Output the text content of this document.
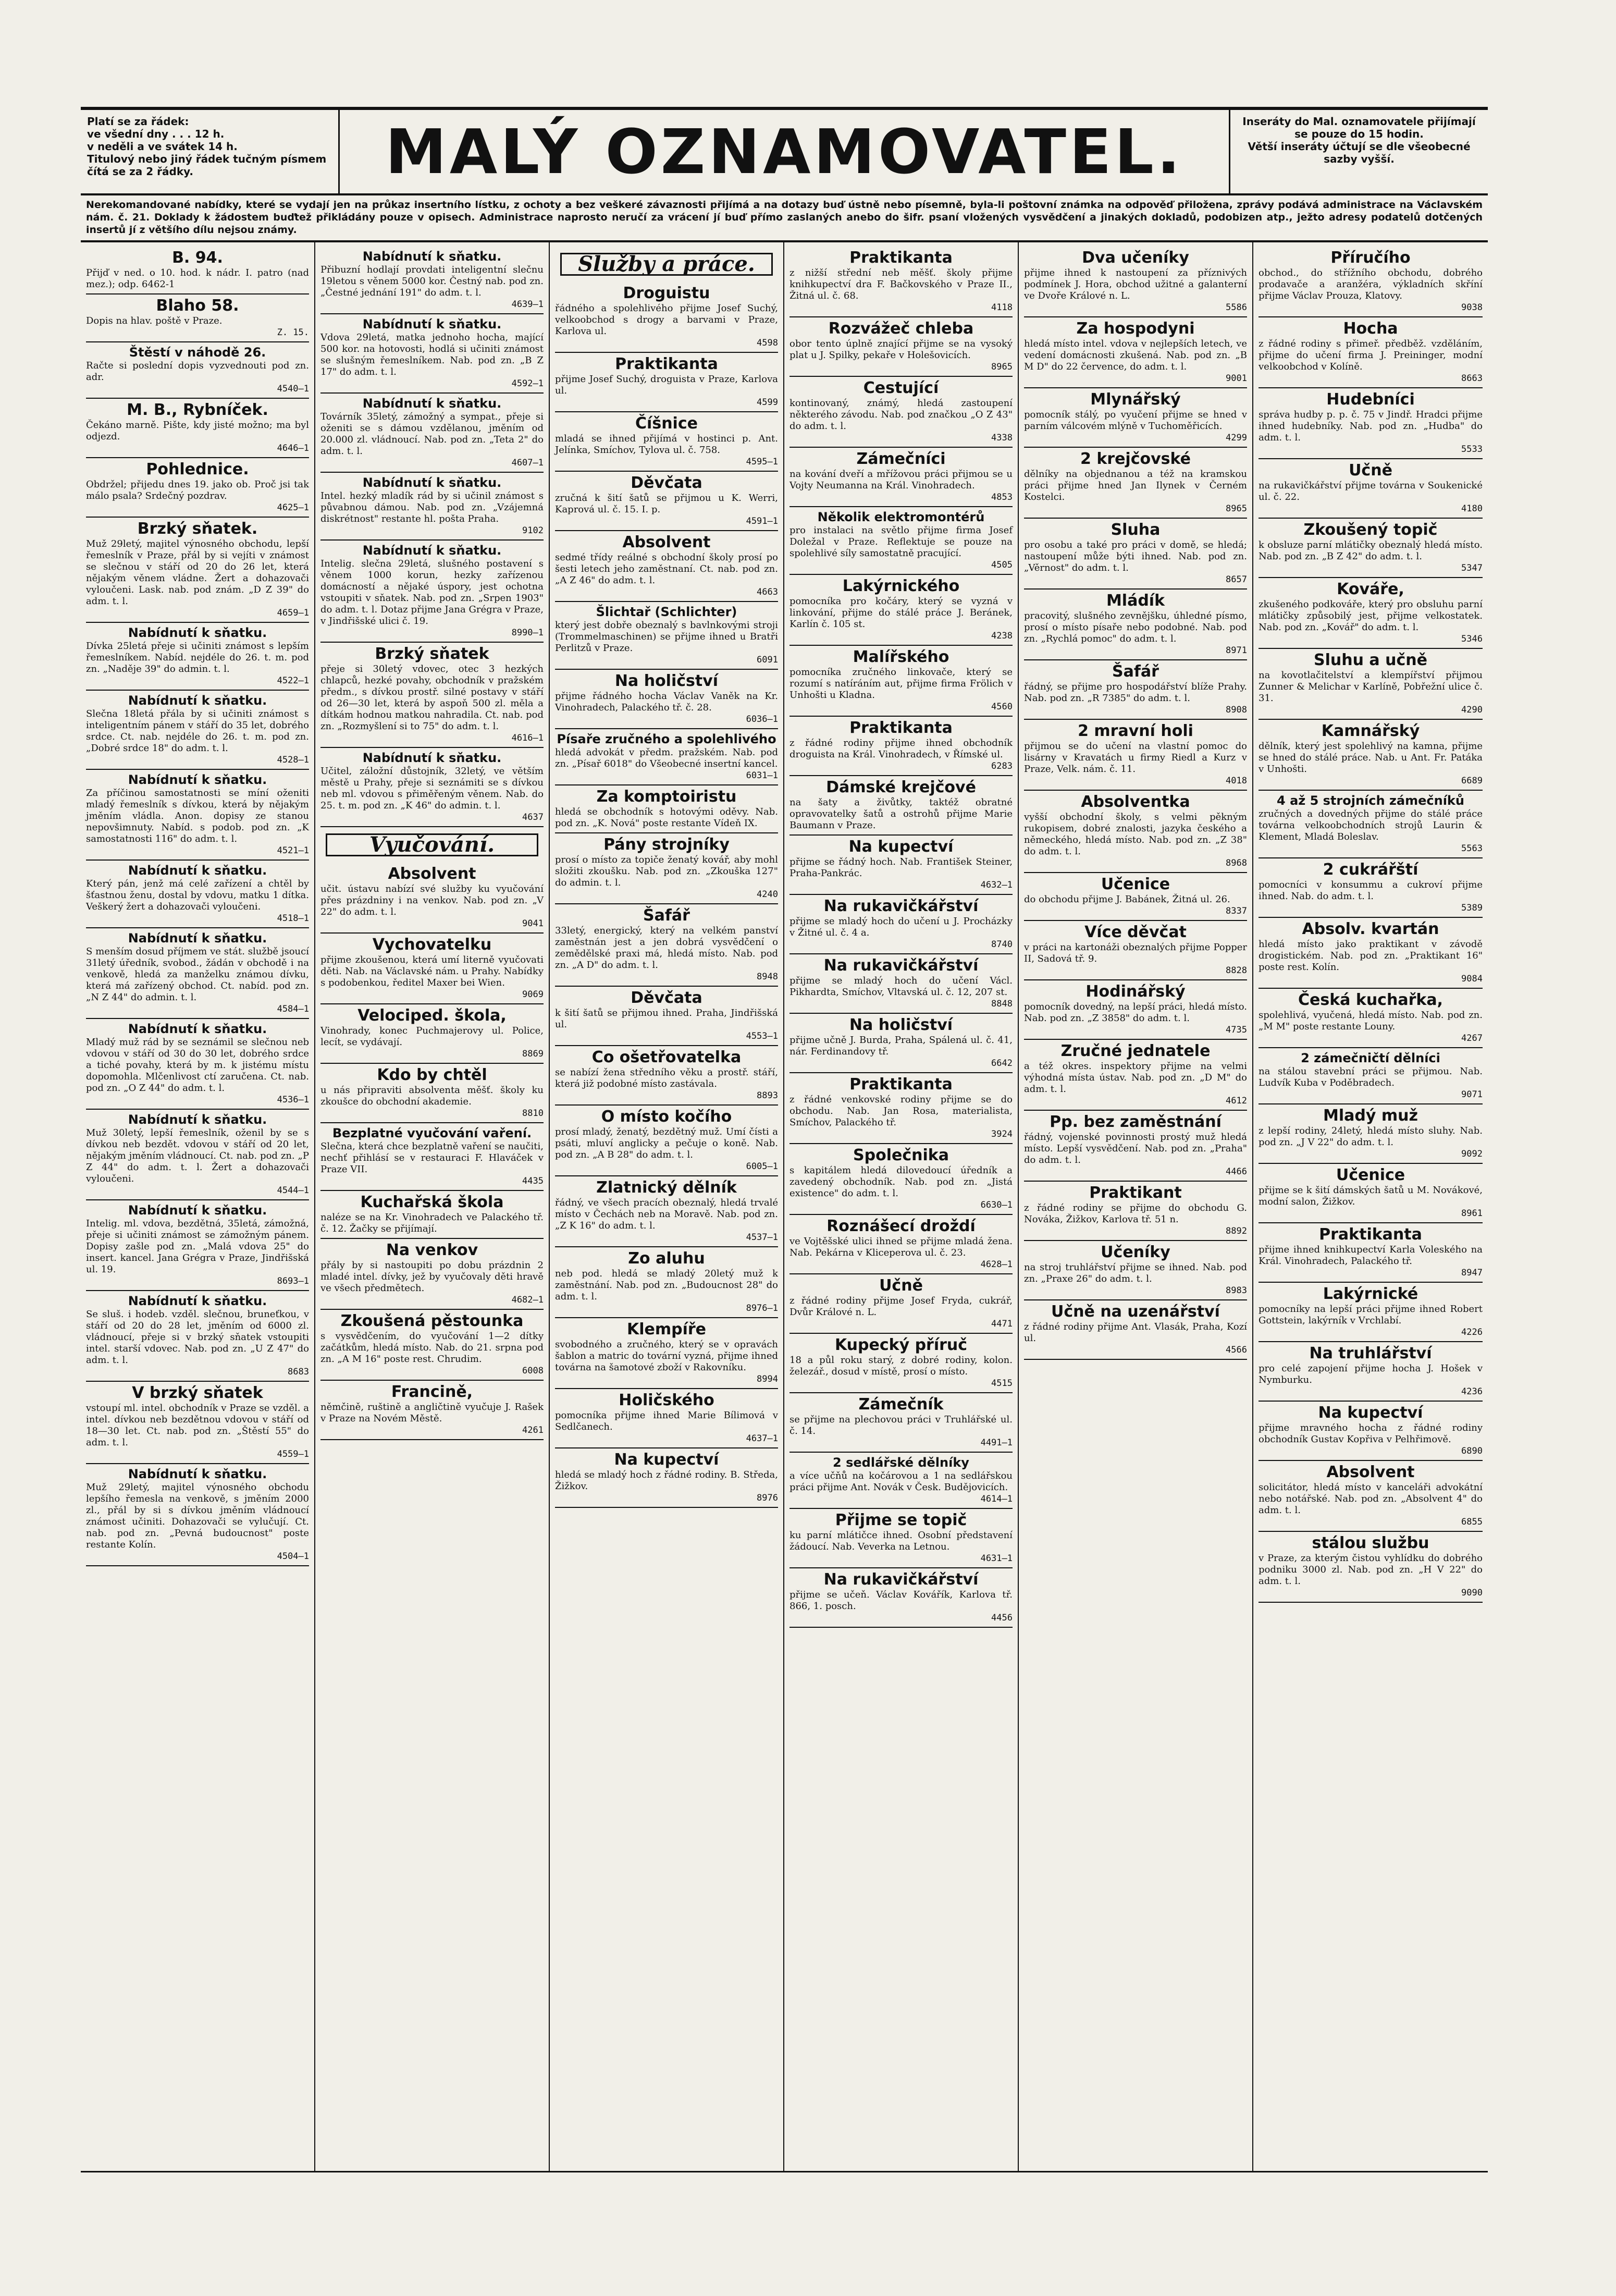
Platí se za řádek:
ve všední dny . . . 12 h.
v neděli a ve svátek 14 h.
Titulový nebo jiný řádek tučným písmem čítá se za 2 řádky.	MALÝ OZNAMOVATEL.	Inseráty do Mal. oznamovatele přijímají se pouze do 15 hodin.
Větší inseráty účtují se dle všeobecné sazby vyšší.
Nerekomandované nabídky, které se vydají jen na průkaz insertního lístku, z ochoty a bez veškeré závaznosti přijímá a na dotazy buď ústně nebo písemně, byla-li poštovní známka na odpověď přiložena, zprávy podává administrace na Václavském nám. č. 21. Doklady k žádostem buďtež přikládány pouze v opisech. Administrace naprosto neručí za vrácení jí buď přímo zaslaných anebo do šifr. psaní vložených vysvědčení a jinakých dokladů, podobizen atp., ježto adresy podatelů dotčených insertů jí z většího dílu nejsou známy.
B. 94.
Přijď v ned. o 10. hod. k nádr. I. patro (nad mez.); odp. 6462-1
Blaho 58.
Dopis na hlav. poště v Praze.
Z. 15.
Štěstí v náhodě 26.
Račte si poslední dopis vyzvednouti pod zn. adr.
4540—1
M. B., Rybníček.
Čekáno marně. Pište, kdy jisté možno; ma byl odjezd.
4646—1
Pohlednice.
Obdržel; přijedu dnes 19. jako ob. Proč jsi tak málo psala? Srdečný pozdrav.
4625—1
Brzký sňatek.
Muž 29letý, majitel výnosného obchodu, lepší řemeslník v Praze, přál by si vejíti v známost se slečnou v stáří od 20 do 26 let, která nějakým věnem vládne. Žert a dohazovači vyloučeni. Lask. nab. pod znám. „D Z 39" do adm. t. l.
4659—1
Nabídnutí k sňatku.
Dívka 25letá přeje si učiniti známost s lepším řemeslníkem. Nabíd. nejdéle do 26. t. m. pod zn. „Naděje 39" do admin. t. l.
4522—1
Nabídnutí k sňatku.
Slečna 18letá přála by si učiniti známost s inteligentním pánem v stáří do 35 let, dobrého srdce. Ct. nab. nejdéle do 26. t. m. pod zn. „Dobré srdce 18" do adm. t. l.
4528—1
Nabídnutí k sňatku.
Za příčinou samostatnosti se míní oženiti mladý řemeslník s dívkou, která by nějakým jměním vládla. Anon. dopisy ze stanou nepovšimnuty. Nabíd. s podob. pod zn. „K samostatnosti 116" do adm. t. l.
4521—1
Nabídnutí k sňatku.
Který pán, jenž má celé zařízení a chtěl by šťastnou ženu, dostal by vdovu, matku 1 dítka. Veškerý žert a dohazovači vyloučeni.
4518—1
Nabídnutí k sňatku.
S menším dosud příjmem ve stát. službě jsoucí 31letý úředník, svobod., žádán v obchodě i na venkově, hledá za manželku známou dívku, která má zařízený obchod. Ct. nabíd. pod zn. „N Z 44" do admin. t. l.
4584—1
Nabídnutí k sňatku.
Mladý muž rád by se seznámil se slečnou neb vdovou v stáří od 30 do 30 let, dobrého srdce a tiché povahy, která by m. k jistému místu dopomohla. Mlčenlivost ctí zaručena. Ct. nab. pod zn. „O Z 44" do adm. t. l.
4536—1
Nabídnutí k sňatku.
Muž 30letý, lepší řemeslník, oženil by se s dívkou neb bezdět. vdovou v stáří od 20 let, nějakým jměním vládnoucí. Ct. nab. pod zn. „P Z 44" do adm. t. l. Žert a dohazovači vyloučeni.
4544—1
Nabídnutí k sňatku.
Intelig. ml. vdova, bezdětná, 35letá, zámožná, přeje si učiniti známost se zámožným pánem. Dopisy zašle pod zn. „Malá vdova 25" do insert. kancel. Jana Grégra v Praze, Jindřišská ul. 19.
8693—1
Nabídnutí k sňatku.
Se sluš. i hodeb. vzděl. slečnou, bruneťkou, v stáří od 20 do 28 let, jměním od 6000 zl. vládnoucí, přeje si v brzký sňatek vstoupiti intel. starší vdovec. Nab. pod zn. „U Z 47" do adm. t. l.
8683
V brzký sňatek
vstoupí ml. intel. obchodník v Praze se vzděl. a intel. dívkou neb bezdětnou vdovou v stáří od 18—30 let. Ct. nab. pod zn. „Štěstí 55" do adm. t. l.
4559—1
Nabídnutí k sňatku.
Muž 29letý, majitel výnosného obchodu lepšího řemesla na venkově, s jměním 2000 zl., přál by si s dívkou jměním vládnoucí známost učiniti. Dohazovači se vylučují. Ct. nab. pod zn. „Pevná budoucnost" poste restante Kolín.
4504—1
Nabídnutí k sňatku.
Přibuzní hodlají provdati inteligentní slečnu 19letou s věnem 5000 kor. Čestný nab. pod zn. „Čestné jednání 191" do adm. t. l.
4639—1
Nabídnutí k sňatku.
Vdova 29letá, matka jednoho hocha, mající 500 kor. na hotovosti, hodlá si učiniti známost se slušným řemeslníkem. Nab. pod zn. „B Z 17" do adm. t. l.
4592—1
Nabídnutí k sňatku.
Továrník 35letý, zámožný a sympat., přeje si oženiti se s dámou vzdělanou, jměním od 20.000 zl. vládnoucí. Nab. pod zn. „Teta 2" do adm. t. l.
4607—1
Nabídnutí k sňatku.
Intel. hezký mladík rád by si učinil známost s půvabnou dámou. Nab. pod zn. „Vzájemná diskrétnost" restante hl. pošta Praha.
9102
Nabídnutí k sňatku.
Intelig. slečna 29letá, slušného postavení s věnem 1000 korun, hezky zařízenou domácností a nějaké úspory, jest ochotna vstoupiti v sňatek. Nab. pod zn. „Srpen 1903" do adm. t. l. Dotaz přijme Jana Grégra v Praze, v Jindřišské ulici č. 19.
8990—1
Brzký sňatek
přeje si 30letý vdovec, otec 3 hezkých chlapců, hezké povahy, obchodník v pražském předm., s dívkou prostř. silné postavy v stáří od 26—30 let, která by aspoň 500 zl. měla a dítkám hodnou matkou nahradila. Ct. nab. pod zn. „Rozmyšlení si to 75" do adm. t. l.
4616—1
Nabídnutí k sňatku.
Učitel, záložní důstojník, 32letý, ve větším městě u Prahy, přeje si seznámiti se s dívkou neb ml. vdovou s přiměřeným věnem. Nab. do 25. t. m. pod zn. „K 46" do admin. t. l.
4637
Vyučování.
Absolvent
učit. ústavu nabízí své služby ku vyučování přes prázdniny i na venkov. Nab. pod zn. „V 22" do adm. t. l.
9041
Vychovatelku
přijme zkoušenou, která umí literně vyučovati děti. Nab. na Václavské nám. u Prahy. Nabídky s podobenkou, ředitel Maxer bei Wien.
9069
Velociped. škola,
Vinohrady, konec Puchmajerovy ul. Police, lecít, se vydávají.
8869
Kdo by chtěl
u nás připraviti absolventa měšť. školy ku zkoušce do obchodní akademie.
8810
Bezplatné vyučování vaření.
Slečna, která chce bezplatně vaření se naučiti, nechť přihlásí se v restauraci F. Hlaváček v Praze VII.
4435
Kuchařská škola
naléze se na Kr. Vinohradech ve Palackého tř. č. 12. Žačky se přijímají.
Na venkov
přály by si nastoupiti po dobu prázdnin 2 mladé intel. dívky, jež by vyučovaly děti hravě ve všech předmětech.
4682—1
Zkoušená pěstounka
s vysvědčením, do vyučování 1—2 dítky začátkům, hledá místo. Nab. do 21. srpna pod zn. „A M 16" poste rest. Chrudim.
6008
Francině,
němčině, ruštině a angličtině vyučuje J. Rašek v Praze na Novém Městě.
4261
Služby a práce.
Droguistu
řádného a spolehlivého přijme Josef Suchý, velkoobchod s drogy a barvami v Praze, Karlova ul.
4598
Praktikanta
přijme Josef Suchý, droguista v Praze, Karlova ul.
4599
Číšnice
mladá se ihned přijímá v hostinci p. Ant. Jelínka, Smíchov, Tylova ul. č. 758.
4595—1
Děvčata
zručná k šití šatů se přijmou u K. Werri, Kaprová ul. č. 15. I. p.
4591—1
Absolvent
sedmé třídy reálné s obchodní školy prosí po šesti letech jeho zaměstnaní. Ct. nab. pod zn. „A Z 46" do adm. t. l.
4663
Šlichtař (Schlichter)
který jest dobře obeznalý s bavlnkovými stroji (Trommelmaschinen) se přijme ihned u Bratři Perlitzů v Praze.
6091
Na holičství
přijme řádného hocha Václav Vaněk na Kr. Vinohradech, Palackého tř. č. 28.
6036—1
Písaře zručného a spolehlivého
hledá advokát v předm. pražském. Nab. pod zn. „Písař 6018" do Všeobecné insertní kancel.
6031—1
Za komptoiristu
hledá se obchodník s hotovými oděvy. Nab. pod zn. „K. Nová" poste restante Vídeň IX.
Pány strojníky
prosí o místo za topiče ženatý kovář, aby mohl složiti zkoušku. Nab. pod zn. „Zkouška 127" do admin. t. l.
4240
Šafář
33letý, energický, který na velkém panství zaměstnán jest a jen dobrá vysvědčení o zemědělské praxi má, hledá místo. Nab. pod zn. „A D" do adm. t. l.
8948
Děvčata
k šití šatů se přijmou ihned. Praha, Jindřišská ul.
4553—1
Co ošetřovatelka
se nabízí žena středního věku a prostř. stáří, která již podobné místo zastávala.
8893
O místo kočího
prosí mladý, ženatý, bezdětný muž. Umí čísti a psáti, mluví anglicky a pečuje o koně. Nab. pod zn. „A B 28" do adm. t. l.
6005—1
Zlatnický dělník
řádný, ve všech pracích obeznalý, hledá trvalé místo v Čechách neb na Moravě. Nab. pod zn. „Z K 16" do adm. t. l.
4537—1
Zo aluhu
neb pod. hledá se mladý 20letý muž k zaměstnání. Nab. pod zn. „Budoucnost 28" do adm. t. l.
8976—1
Klempíře
svobodného a zručného, který se v opravách šablon a matric do tovární vyzná, přijme ihned továrna na šamotové zboží v Rakovníku.
8994
Holičského
pomocníka přijme ihned Marie Bílimová v Sedlčanech.
4637—1
Na kupectví
hledá se mladý hoch z řádné rodiny. B. Středa, Žižkov.
8976
Praktikanta
z nižší střední neb měšť. školy přijme knihkupectví dra F. Bačkovského v Praze II., Žitná ul. č. 68.
4118
Rozvážeč chleba
obor tento úplně znající přijme se na vysoký plat u J. Spilky, pekaře v Holešovicích.
8965
Cestující
kontinovaný, známý, hledá zastoupení některého závodu. Nab. pod značkou „O Z 43" do adm. t. l.
4338
Zámečníci
na kování dveří a mřížovou práci přijmou se u Vojty Neumanna na Král. Vinohradech.
4853
Několik elektromontérů
pro instalaci na světlo přijme firma Josef Doležal v Praze. Reflektuje se pouze na spolehlivé síly samostatně pracující.
4505
Lakýrnického
pomocníka pro kočáry, který se vyzná v linkování, přijme do stálé práce J. Beránek, Karlín č. 105 st.
4238
Malířského
pomocníka zručného linkovače, který se rozumí s natíráním aut, přijme firma Frölich v Unhošti u Kladna.
4560
Praktikanta
z řádné rodiny přijme ihned obchodník droguista na Král. Vinohradech, v Římské ul.
6283
Dámské krejčové
na šaty a živůtky, taktéž obratné opravovatelky šatů a ostrohů přijme Marie Baumann v Praze.
Na kupectví
přijme se řádný hoch. Nab. František Steiner, Praha-Pankrác.
4632—1
Na rukavičkářství
přijme se mladý hoch do učení u J. Procházky v Žitné ul. č. 4 a.
8740
Na rukavičkářství
přijme se mladý hoch do učení Václ. Pikhardta, Smíchov, Vltavská ul. č. 12, 207 st.
8848
Na holičství
přijme učně J. Burda, Praha, Spálená ul. č. 41, nár. Ferdinandovy tř.
6642
Praktikanta
z řádné venkovské rodiny přijme se do obchodu. Nab. Jan Rosa, materialista, Smíchov, Palackého tř.
3924
Společnika
s kapitálem hledá dilovedoucí úředník a zavedený obchodník. Nab. pod zn. „Jistá existence" do adm. t. l.
6630—1
Roznášecí droždí
ve Vojtěšské ulici ihned se přijme mladá žena. Nab. Pekárna v Kliceperova ul. č. 23.
4628—1
Učně
z řádné rodiny přijme Josef Fryda, cukrář, Dvůr Králové n. L.
4471
Kupecký příruč
18 a půl roku starý, z dobré rodiny, kolon. železář., dosud v místě, prosí o místo.
4515
Zámečník
se přijme na plechovou práci v Truhlářské ul. č. 14.
4491—1
2 sedlářské dělníky
a více učňů na kočárovou a 1 na sedlářskou práci přijme Ant. Novák v Česk. Budějovicích.
4614—1
Přijme se topič
ku parní mlátičce ihned. Osobní představení žádoucí. Nab. Veverka na Letnou.
4631—1
Na rukavičkářství
přijme se učeň. Václav Kovářík, Karlova tř. 866, 1. posch.
4456
Dva učeníky
přijme ihned k nastoupení za příznivých podmínek J. Hora, obchod užitné a galanterní ve Dvoře Králové n. L.
5586
Za hospodyni
hledá místo intel. vdova v nejlepších letech, ve vedení domácnosti zkušená. Nab. pod zn. „B M D" do 22 července, do adm. t. l.
9001
Mlynářský
pomocník stálý, po vyučení přijme se hned v parním válcovém mlýně v Tuchoměřicích.
4299
2 krejčovské
dělníky na objednanou a též na kramskou práci přijme hned Jan Ilynek v Černém Kostelci.
8965
Sluha
pro osobu a také pro práci v domě, se hledá; nastoupení může býti ihned. Nab. pod zn. „Věrnost" do adm. t. l.
8657
Mládík
pracovitý, slušného zevnějšku, úhledné písmo, prosí o místo písaře nebo podobné. Nab. pod zn. „Rychlá pomoc" do adm. t. l.
8971
Šafář
řádný, se přijme pro hospodářství blíže Prahy. Nab. pod zn. „R 7385" do adm. t. l.
8908
2 mravní holi
přijmou se do učení na vlastní pomoc do lisárny v Kravatách u firmy Riedl a Kurz v Praze, Velk. nám. č. 11.
4018
Absolventka
vyšší obchodní školy, s velmi pěkným rukopisem, dobré znalosti, jazyka českého a německého, hledá místo. Nab. pod zn. „Z 38" do adm. t. l.
8968
Učenice
do obchodu přijme J. Babánek, Žitná ul. 26.
8337
Více děvčat
v práci na kartonáži obeznalých přijme Popper II, Sadová tř. 9.
8828
Hodinářský
pomocník dovedný, na lepší práci, hledá místo. Nab. pod zn. „Z 3858" do adm. t. l.
4735
Zručné jednatele
a též okres. inspektory přijme na velmi výhodná místa ústav. Nab. pod zn. „D M" do adm. t. l.
4612
Pp. bez zaměstnání
řádný, vojenské povinnosti prostý muž hledá místo. Lepší vysvědčení. Nab. pod zn. „Praha" do adm. t. l.
4466
Praktikant
z řádné rodiny se přijme do obchodu G. Nováka, Žižkov, Karlova tř. 51 n.
8892
Učeníky
na stroj truhlářství přijme se ihned. Nab. pod zn. „Praxe 26" do adm. t. l.
8983
Učně na uzenářství
z řádné rodiny přijme Ant. Vlasák, Praha, Kozí ul.
4566
Příručího
obchod., do střížního obchodu, dobrého prodavače a aranžéra, výkladních skříní přijme Václav Prouza, Klatovy.
9038
Hocha
z řádné rodiny s přimeř. předběž. vzděláním, přijme do učení firma J. Preininger, modní velkoobchod v Kolíně.
8663
Hudebníci
správa hudby p. p. č. 75 v Jindř. Hradci přijme ihned hudebníky. Nab. pod zn. „Hudba" do adm. t. l.
5533
Učně
na rukavičkářství přijme továrna v Soukenické ul. č. 22.
4180
Zkoušený topič
k obsluze parní mlátičky obeznalý hledá místo. Nab. pod zn. „B Z 42" do adm. t. l.
5347
Kováře,
zkušeného podkováře, který pro obsluhu parní mlátičky způsobilý jest, přijme velkostatek. Nab. pod zn. „Kovář" do adm. t. l.
5346
Sluhu a učně
na kovotlačitelství a klempířství přijmou Zunner & Melichar v Karlíně, Pobřežní ulice č. 31.
4290
Kamnářský
dělník, který jest spolehlivý na kamna, přijme se hned do stálé práce. Nab. u Ant. Fr. Patáka v Unhošti.
6689
4 až 5 strojních zámečníků
zručných a dovedných přijme do stálé práce továrna velkoobchodních strojů Laurin & Klement, Mladá Boleslav.
5563
2 cukrářští
pomocníci v konsummu a cukroví přijme ihned. Nab. do adm. t. l.
5389
Absolv. kvartán
hledá místo jako praktikant v závodě drogistickém. Nab. pod zn. „Praktikant 16" poste rest. Kolín.
9084
Česká kuchařka,
spolehlivá, vyučená, hledá místo. Nab. pod zn. „M M" poste restante Louny.
4267
2 zámečničtí dělníci
na stálou stavební práci se přijmou. Nab. Ludvík Kuba v Poděbradech.
9071
Mladý muž
z lepší rodiny, 24letý, hledá místo sluhy. Nab. pod zn. „J V 22" do adm. t. l.
9092
Učenice
přijme se k šití dámských šatů u M. Novákové, modní salon, Žižkov.
8961
Praktikanta
přijme ihned knihkupectví Karla Voleského na Král. Vinohradech, Palackého tř.
8947
Lakýrnické
pomocníky na lepší práci přijme ihned Robert Gottstein, lakýrník v Vrchlabí.
4226
Na truhlářství
pro celé zapojení přijme hocha J. Hošek v Nymburku.
4236
Na kupectví
přijme mravného hocha z řádné rodiny obchodník Gustav Kopřiva v Pelhřimově.
6890
Absolvent
solicitátor, hledá místo v kanceláři advokátní nebo notářské. Nab. pod zn. „Absolvent 4" do adm. t. l.
6855
stálou službu
v Praze, za kterým čistou vyhlídku do dobrého podniku 3000 zl. Nab. pod zn. „H V 22" do adm. t. l.
9090
